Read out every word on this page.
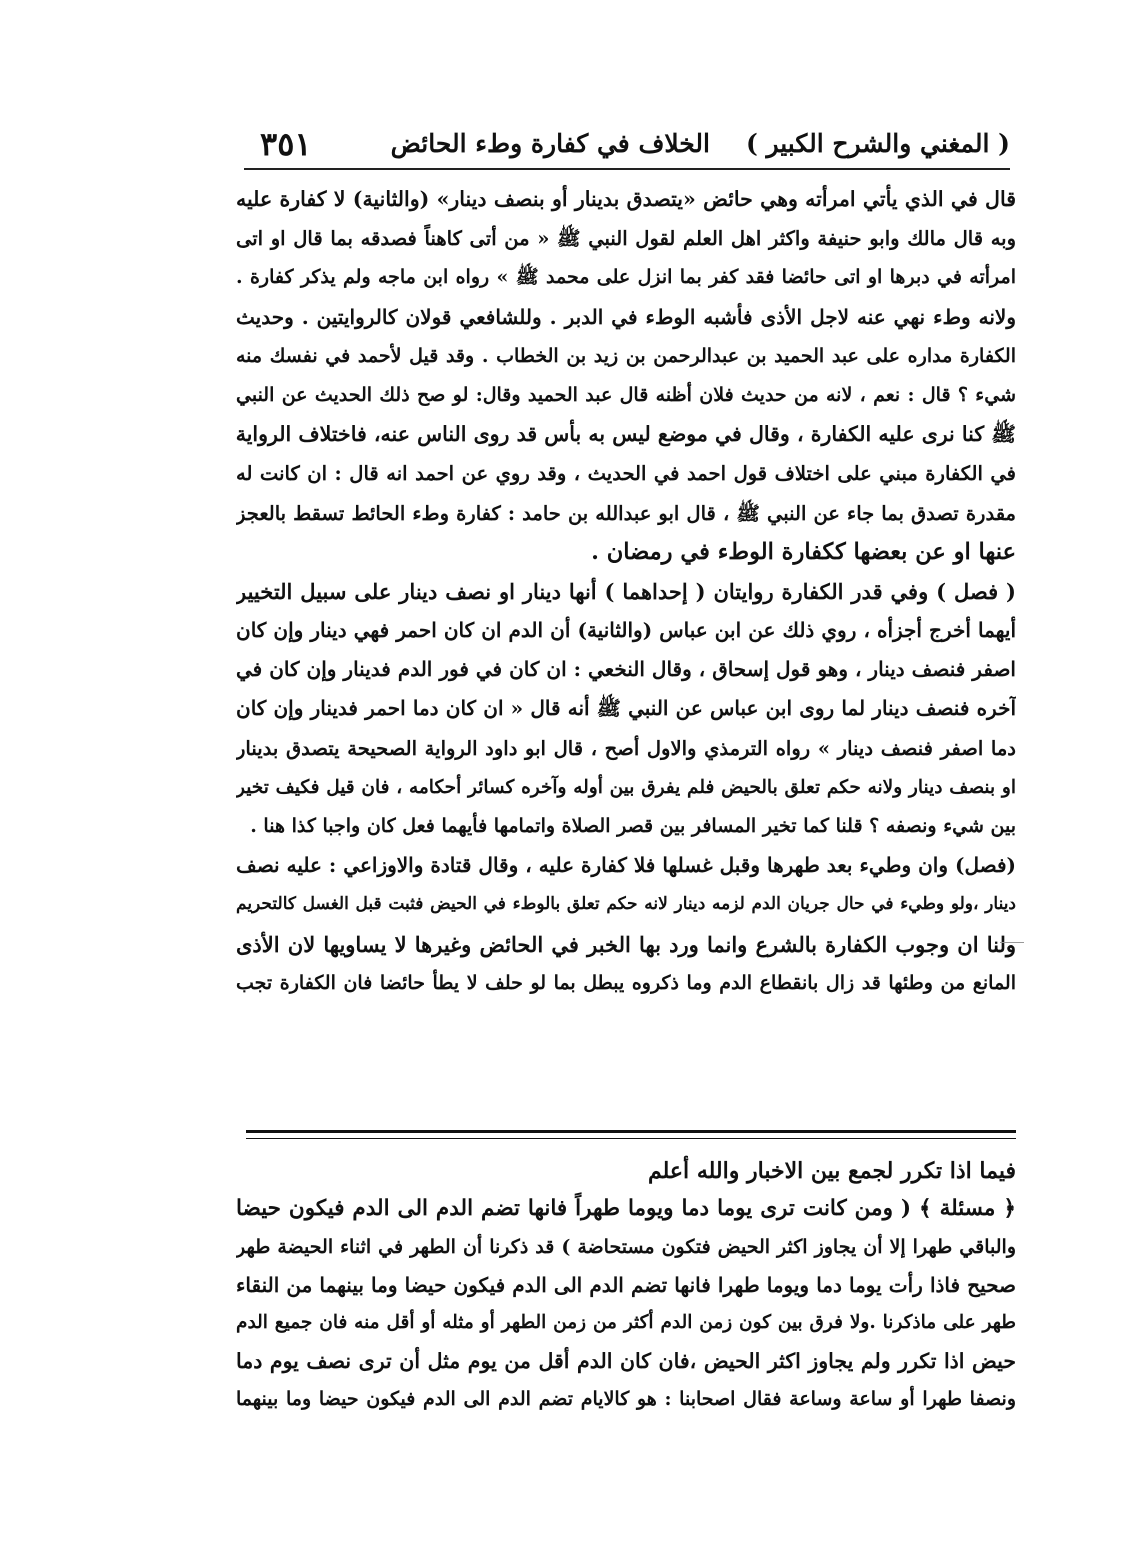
( المغني والشرح الكبير )
الخلاف في كفارة وطء الحائض
٣٥١
قال في الذي يأتي امرأته وهي حائض «يتصدق بدينار أو بنصف دينار» (والثانية) لا كفارة عليه
وبه قال مالك وابو حنيفة واكثر اهل العلم لقول النبي ﷺ « من أتى كاهناً فصدقه بما قال او اتى
امرأته في دبرها او اتى حائضا فقد كفر بما انزل على محمد ﷺ » رواه ابن ماجه ولم يذكر كفارة .
ولانه وطء نهي عنه لاجل الأذى فأشبه الوطء في الدبر . وللشافعي قولان كالروايتين . وحديث
الكفارة مداره على عبد الحميد بن عبدالرحمن بن زيد بن الخطاب . وقد قيل لأحمد في نفسك منه
شيء ؟ قال : نعم ، لانه من حديث فلان أظنه قال عبد الحميد وقال: لو صح ذلك الحديث عن النبي
ﷺ كنا نرى عليه الكفارة ، وقال في موضع ليس به بأس قد روى الناس عنه، فاختلاف الرواية
في الكفارة مبني على اختلاف قول احمد في الحديث ، وقد روي عن احمد انه قال : ان كانت له
مقدرة تصدق بما جاء عن النبي ﷺ ، قال ابو عبدالله بن حامد : كفارة وطء الحائط تسقط بالعجز
عنها او عن بعضها ككفارة الوطء في رمضان .
( فصل ) وفي قدر الكفارة روايتان ( إحداهما ) أنها دينار او نصف دينار على سبيل التخيير
أيهما أخرج أجزأه ، روي ذلك عن ابن عباس (والثانية) أن الدم ان كان احمر فهي دينار وإن كان
اصفر فنصف دينار ، وهو قول إسحاق ، وقال النخعي : ان كان في فور الدم فدينار وإن كان في
آخره فنصف دينار لما روى ابن عباس عن النبي ﷺ أنه قال « ان كان دما احمر فدينار وإن كان
دما اصفر فنصف دينار » رواه الترمذي والاول أصح ، قال ابو داود الرواية الصحيحة يتصدق بدينار
او بنصف دينار ولانه حكم تعلق بالحيض فلم يفرق بين أوله وآخره كسائر أحكامه ، فان قيل فكيف تخير
بين شيء ونصفه ؟ قلنا كما تخير المسافر بين قصر الصلاة واتمامها فأيهما فعل كان واجبا كذا هنا .
(فصل) وان وطيء بعد طهرها وقبل غسلها فلا كفارة عليه ، وقال قتادة والاوزاعي : عليه نصف
دينار ،ولو وطيء في حال جريان الدم لزمه دينار لانه حكم تعلق بالوطء في الحيض فثبت قبل الغسل كالتحريم
ولنا ان وجوب الكفارة بالشرع وانما ورد بها الخبر في الحائض وغيرها لا يساويها لان الأذى
المانع من وطئها قد زال بانقطاع الدم وما ذكروه يبطل بما لو حلف لا يطأ حائضا فان الكفارة تجب
فيما اذا تكرر لجمع بين الاخبار والله أعلم
﴿ مسئلة ﴾ ( ومن كانت ترى يوما دما ويوما طهراً فانها تضم الدم الى الدم فيكون حيضا
والباقي طهرا إلا أن يجاوز اكثر الحيض فتكون مستحاضة ) قد ذكرنا أن الطهر في اثناء الحيضة طهر
صحيح فاذا رأت يوما دما ويوما طهرا فانها تضم الدم الى الدم فيكون حيضا وما بينهما من النقاء
طهر على ماذكرنا .ولا فرق بين كون زمن الدم أكثر من زمن الطهر أو مثله أو أقل منه فان جميع الدم
حيض اذا تكرر ولم يجاوز اكثر الحيض ،فان كان الدم أقل من يوم مثل أن ترى نصف يوم دما
ونصفا طهرا أو ساعة وساعة فقال اصحابنا : هو كالايام تضم الدم الى الدم فيكون حيضا وما بينهما
